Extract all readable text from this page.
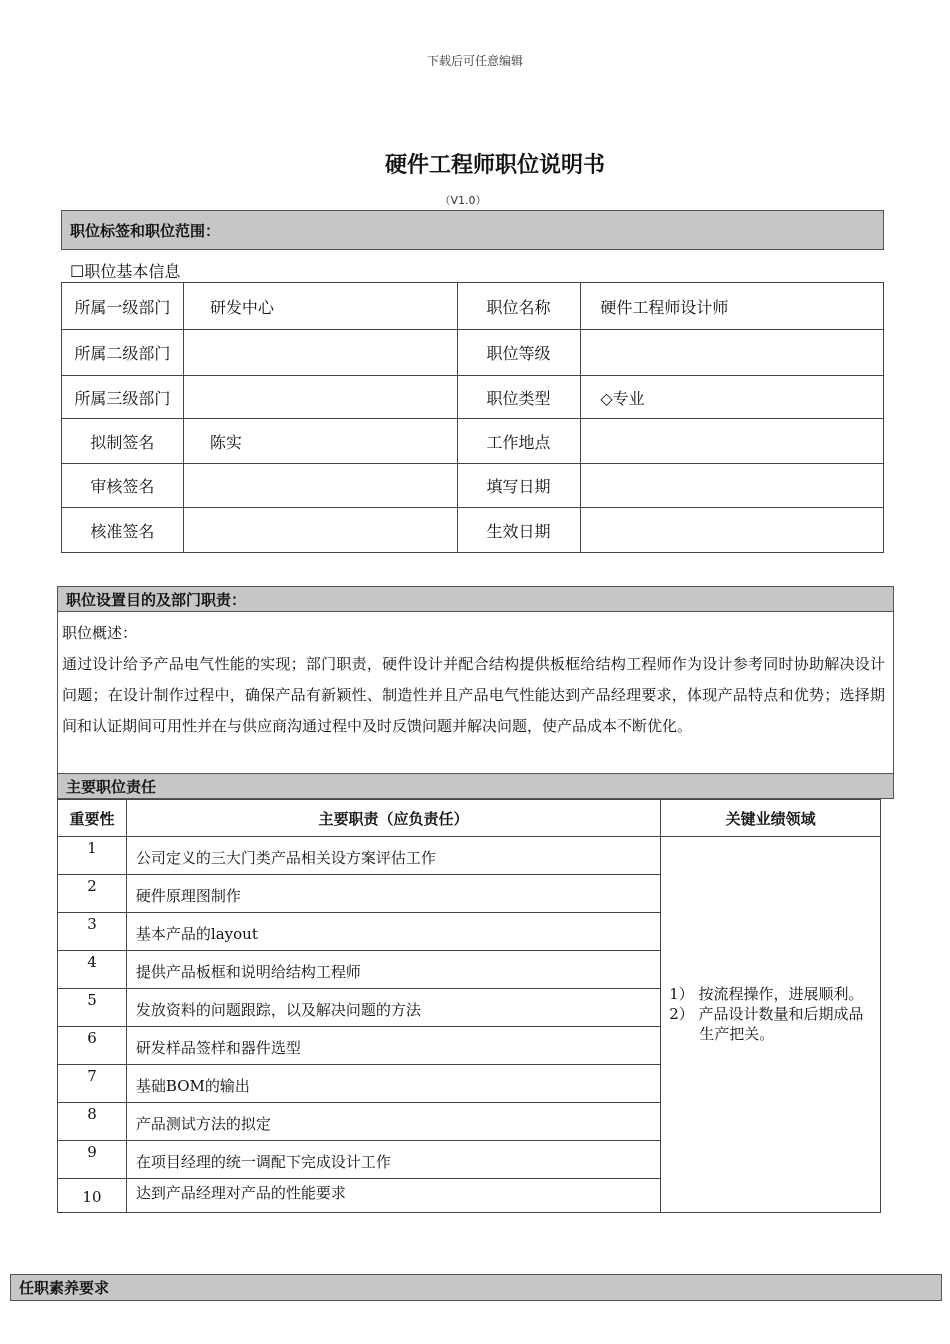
下载后可任意编辑
硬件工程师职位说明书
（V1.0）
职位标签和职位范围：
☐职位基本信息
所属一级部门	研发中心	职位名称	硬件工程师设计师
所属二级部门		职位等级	
所属三级部门		职位类型	◇专业
拟制签名	陈实	工作地点	
审核签名		填写日期	
核准签名		生效日期	
职位设置目的及部门职责：
职位概述：
通过设计给予产品电气性能的实现；部门职责，硬件设计并配合结构提供板框给结构工程师作为设计参考同时协助解决设计问题；在设计制作过程中，确保产品有新颖性、制造性并且产品电气性能达到产品经理要求，体现产品特点和优势；选择期间和认证期间可用性并在与供应商沟通过程中及时反馈问题并解决问题，使产品成本不断优化。
主要职位责任
重要性	主要职责（应负责任）	关键业绩领域
1	公司定义的三大门类产品相关设方案评估工作	1） 按流程操作，进展顺利。
2） 产品设计数量和后期成品生产把关。

2	硬件原理图制作	
3	基本产品的layout	
4	提供产品板框和说明给结构工程师	
5	发放资料的问题跟踪，以及解决问题的方法	
6	研发样品签样和器件选型	
7	基础BOM的输出	
8	产品测试方法的拟定	
9	在项目经理的统一调配下完成设计工作	
10	达到产品经理对产品的性能要求	
任职素养要求
